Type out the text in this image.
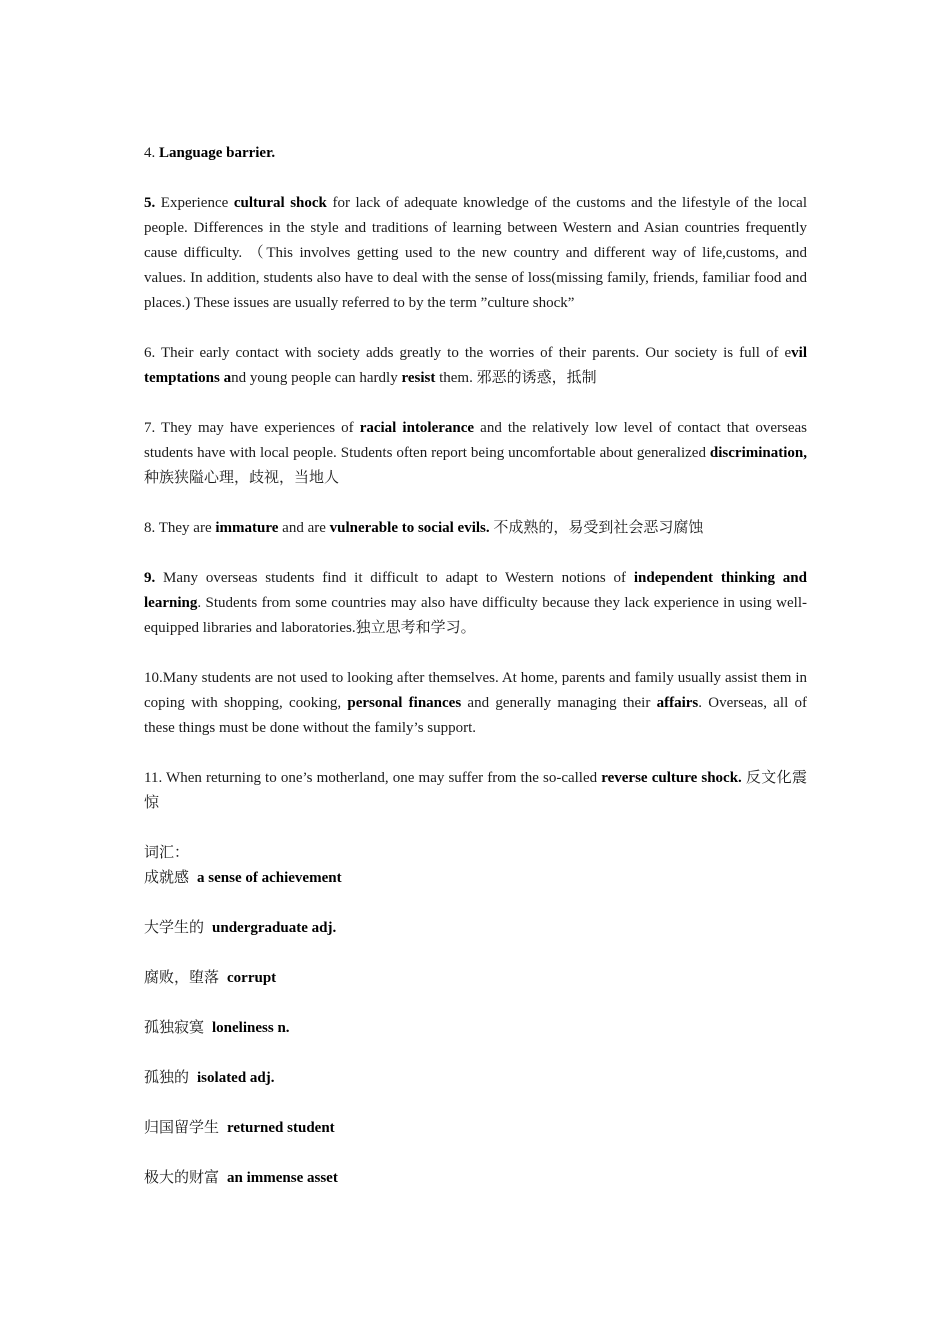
4. Language barrier.

5. Experience cultural shock for lack of adequate knowledge of the customs and the lifestyle of the local people. Differences in the style and traditions of learning between Western and Asian countries frequently cause difficulty. （This involves getting used to the new country and different way of life,customs, and values. In addition, students also have to deal with the sense of loss(missing family, friends, familiar food and places.) These issues are usually referred to by the term ”culture shock”

6. Their early contact with society adds greatly to the worries of their parents. Our society is full of evil temptations and young people can hardly resist them. 邪恶的诱惑，抵制

7. They may have experiences of racial intolerance and the relatively low level of contact that overseas students have with local people. Students often report being uncomfortable about generalized discrimination, 种族狭隘心理，歧视，当地人

8. They are immature and are vulnerable to social evils. 不成熟的，易受到社会恶习腐蚀

9. Many overseas students find it difficult to adapt to Western notions of independent thinking and learning. Students from some countries may also have difficulty because they lack experience in using well-equipped libraries and laboratories.独立思考和学习。

10.Many students are not used to looking after themselves. At home, parents and family usually assist them in coping with shopping, cooking, personal finances and generally managing their affairs. Overseas, all of these things must be done without the family’s support.

11. When returning to one’s motherland, one may suffer from the so-called reverse culture shock. 反文化震惊

词汇：

成就感 a sense of achievement

大学生的 undergraduate adj.

腐败，堕落 corrupt

孤独寂寞 loneliness n.

孤独的 isolated adj.

归国留学生 returned student

极大的财富 an immense asset
